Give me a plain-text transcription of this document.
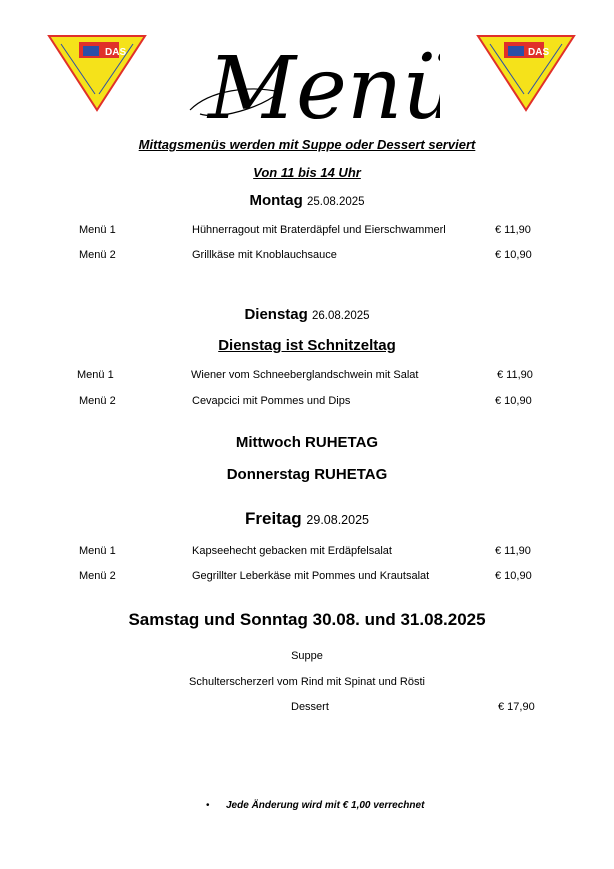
DAS	DAS
Menü
Mittagsmenüs werden mit Suppe oder Dessert serviert
Von 11 bis 14 Uhr
Montag 25.08.2025
Menü 1	Hühnerragout mit Braterdäpfel und Eierschwammerl	€ 11,90
Menü 2	Grillkäse mit Knoblauchsauce	€ 10,90
Dienstag 26.08.2025
Dienstag ist Schnitzeltag
Menü 1	Wiener vom Schneeberglandschwein mit Salat	€ 11,90
Menü 2	Cevapcici mit Pommes und Dips	€ 10,90
Mittwoch RUHETAG
Donnerstag RUHETAG
Freitag 29.08.2025
Menü 1	Kapseehecht gebacken mit Erdäpfelsalat	€ 11,90
Menü 2	Gegrillter Leberkäse mit Pommes und Krautsalat	€ 10,90
Samstag und Sonntag 30.08. und 31.08.2025
Suppe
Schulterscherzerl vom Rind mit Spinat und Rösti
Dessert	€ 17,90
• Jede Änderung wird mit € 1,00 verrechnet
